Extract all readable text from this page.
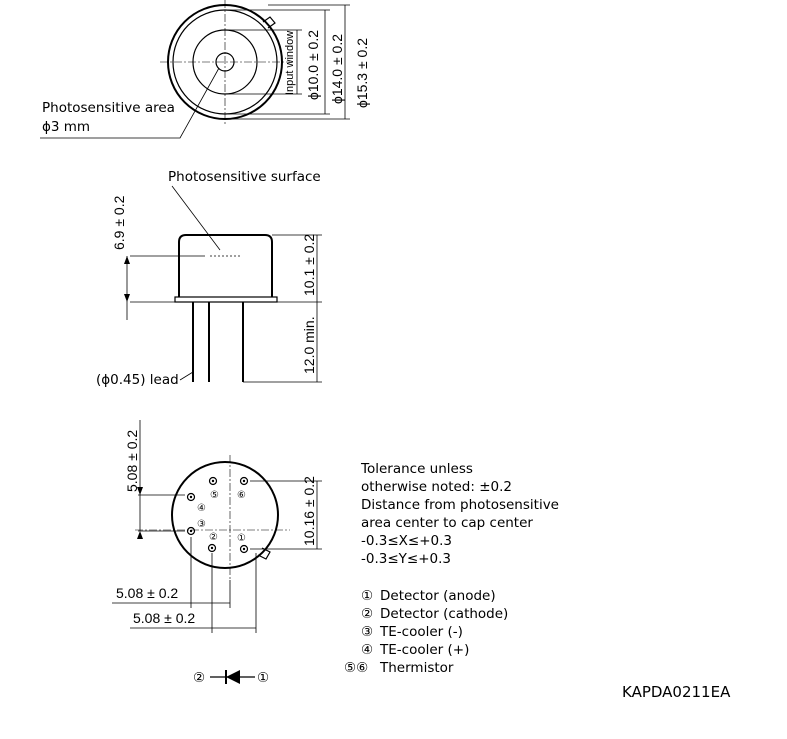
Photosensitive area
ϕ3 mm
Input window ϕ10.0 ± 0.2 ϕ14.0 ± 0.2 ϕ15.3 ± 0.2
Photosensitive surface
6.9 ± 0.2
10.1 ± 0.2
12.0 min.
(ϕ0.45) lead
⑥
⑤
④
③
② ①
5.08 ± 0.2
10.16 ± 0.2
5.08 ± 0.2
5.08 ± 0.2
Tolerance unless
otherwise noted: ±0.2
Distance from photosensitive
area center to cap center
-0.3≤X≤+0.3
-0.3≤Y≤+0.3
① Detector (anode)
② Detector (cathode)
③ TE-cooler (-)
④ TE-cooler (+)
⑤⑥ Thermistor
②	①
KAPDA0211EA
